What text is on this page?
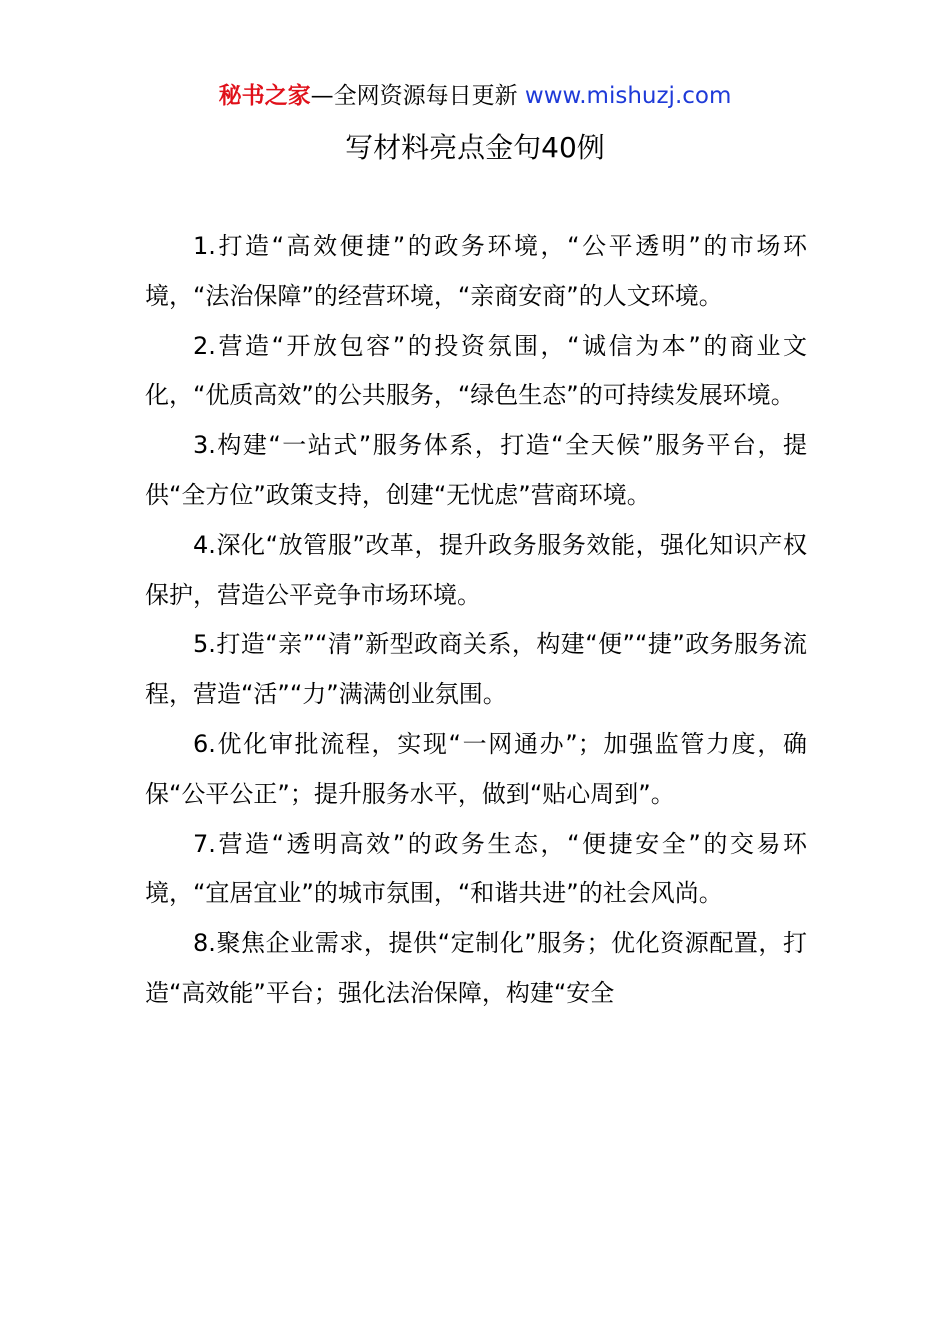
秘书之家—全网资源每日更新 www.mishuzj.com
写材料亮点金句40例

1.打造“高效便捷”的政务环境，“公平透明”的市场环境，“法治保障”的经营环境，“亲商安商”的人文环境。

2.营造“开放包容”的投资氛围，“诚信为本”的商业文化，“优质高效”的公共服务，“绿色生态”的可持续发展环境。

3.构建“一站式”服务体系，打造“全天候”服务平台，提供“全方位”政策支持，创建“无忧虑”营商环境。

4.深化“放管服”改革，提升政务服务效能，强化知识产权保护，营造公平竞争市场环境。

5.打造“亲”“清”新型政商关系，构建“便”“捷”政务服务流程，营造“活”“力”满满创业氛围。

6.优化审批流程，实现“一网通办”；加强监管力度，确保“公平公正”；提升服务水平，做到“贴心周到”。

7.营造“透明高效”的政务生态，“便捷安全”的交易环境，“宜居宜业”的城市氛围，“和谐共进”的社会风尚。

8.聚焦企业需求，提供“定制化”服务；优化资源配置，打造“高效能”平台；强化法治保障，构建“安全
